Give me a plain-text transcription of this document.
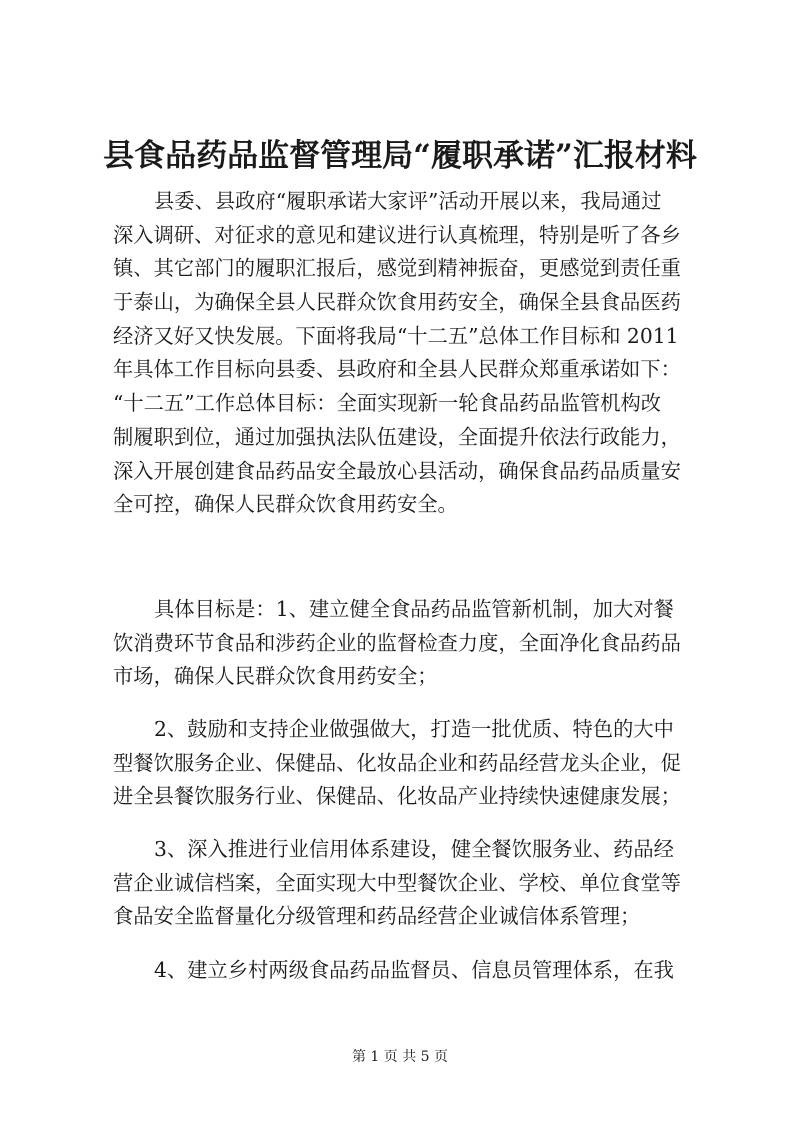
县食品药品监督管理局“履职承诺”汇报材料
县委、县政府“履职承诺大家评”活动开展以来，我局通过
深入调研、对征求的意见和建议进行认真梳理，特别是听了各乡
镇、其它部门的履职汇报后，感觉到精神振奋，更感觉到责任重
于泰山，为确保全县人民群众饮食用药安全，确保全县食品医药
经济又好又快发展。下面将我局“十二五”总体工作目标和 2011
年具体工作目标向县委、县政府和全县人民群众郑重承诺如下：
“十二五”工作总体目标：全面实现新一轮食品药品监管机构改
制履职到位，通过加强执法队伍建设，全面提升依法行政能力，
深入开展创建食品药品安全最放心县活动，确保食品药品质量安
全可控，确保人民群众饮食用药安全。
具体目标是：1、建立健全食品药品监管新机制，加大对餐
饮消费环节食品和涉药企业的监督检查力度，全面净化食品药品
市场，确保人民群众饮食用药安全；
2、鼓励和支持企业做强做大，打造一批优质、特色的大中
型餐饮服务企业、保健品、化妆品企业和药品经营龙头企业，促
进全县餐饮服务行业、保健品、化妆品产业持续快速健康发展；
3、深入推进行业信用体系建设，健全餐饮服务业、药品经
营企业诚信档案，全面实现大中型餐饮企业、学校、单位食堂等
食品安全监督量化分级管理和药品经营企业诚信体系管理；
4、建立乡村两级食品药品监督员、信息员管理体系，在我
第 1 页 共 5 页
